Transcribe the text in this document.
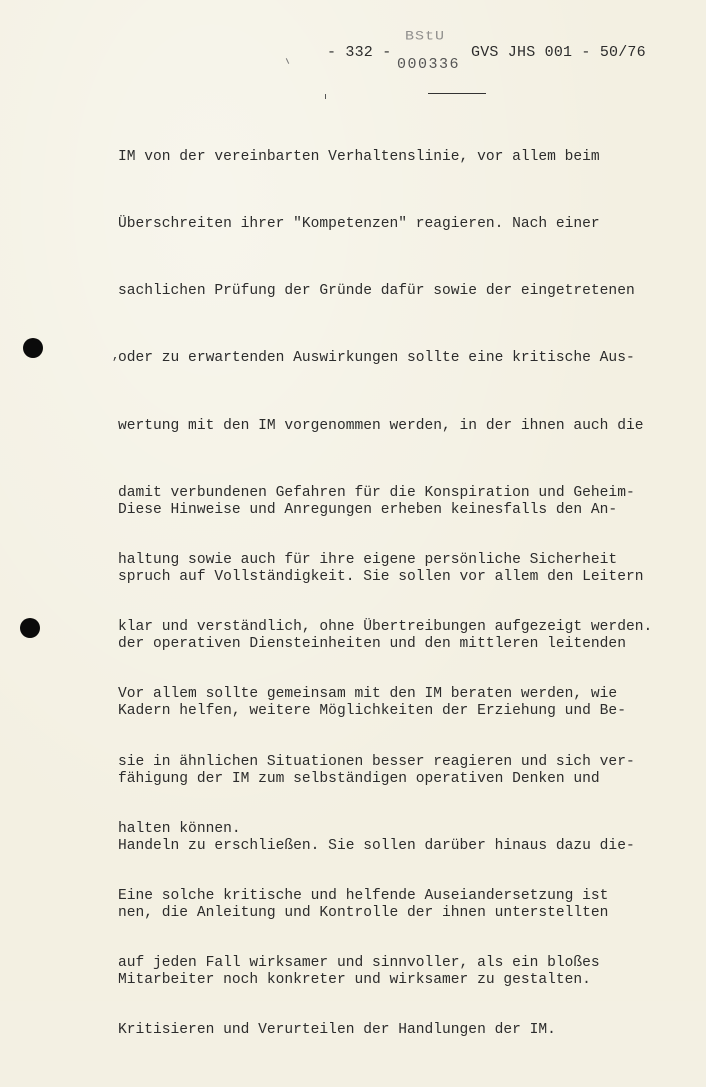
BStU
000336
- 332 -	GVS JHS 001 - 50/76

IM von der vereinbarten Verhaltenslinie, vor allem beim

Überschreiten ihrer "Kompetenzen" reagieren. Nach einer

sachlichen Prüfung der Gründe dafür sowie der eingetretenen

oder zu erwartenden Auswirkungen sollte eine kritische Aus-

wertung mit den IM vorgenommen werden, in der ihnen auch die

damit verbundenen Gefahren für die Konspiration und Geheim-

haltung sowie auch für ihre eigene persönliche Sicherheit

klar und verständlich, ohne Übertreibungen aufgezeigt werden.

Vor allem sollte gemeinsam mit den IM beraten werden, wie

sie in ähnlichen Situationen besser reagieren und sich ver-

halten können.

Eine solche kritische und helfende Auseiandersetzung ist

auf jeden Fall wirksamer und sinnvoller, als ein bloßes

Kritisieren und Verurteilen der Handlungen der IM.

,

Diese Hinweise und Anregungen erheben keinesfalls den An-

spruch auf Vollständigkeit. Sie sollen vor allem den Leitern

der operativen Diensteinheiten und den mittleren leitenden

Kadern helfen, weitere Möglichkeiten der Erziehung und Be-

fähigung der IM zum selbständigen operativen Denken und

Handeln zu erschließen. Sie sollen darüber hinaus dazu die-

nen, die Anleitung und Kontrolle der ihnen unterstellten

Mitarbeiter noch konkreter und wirksamer zu gestalten.
